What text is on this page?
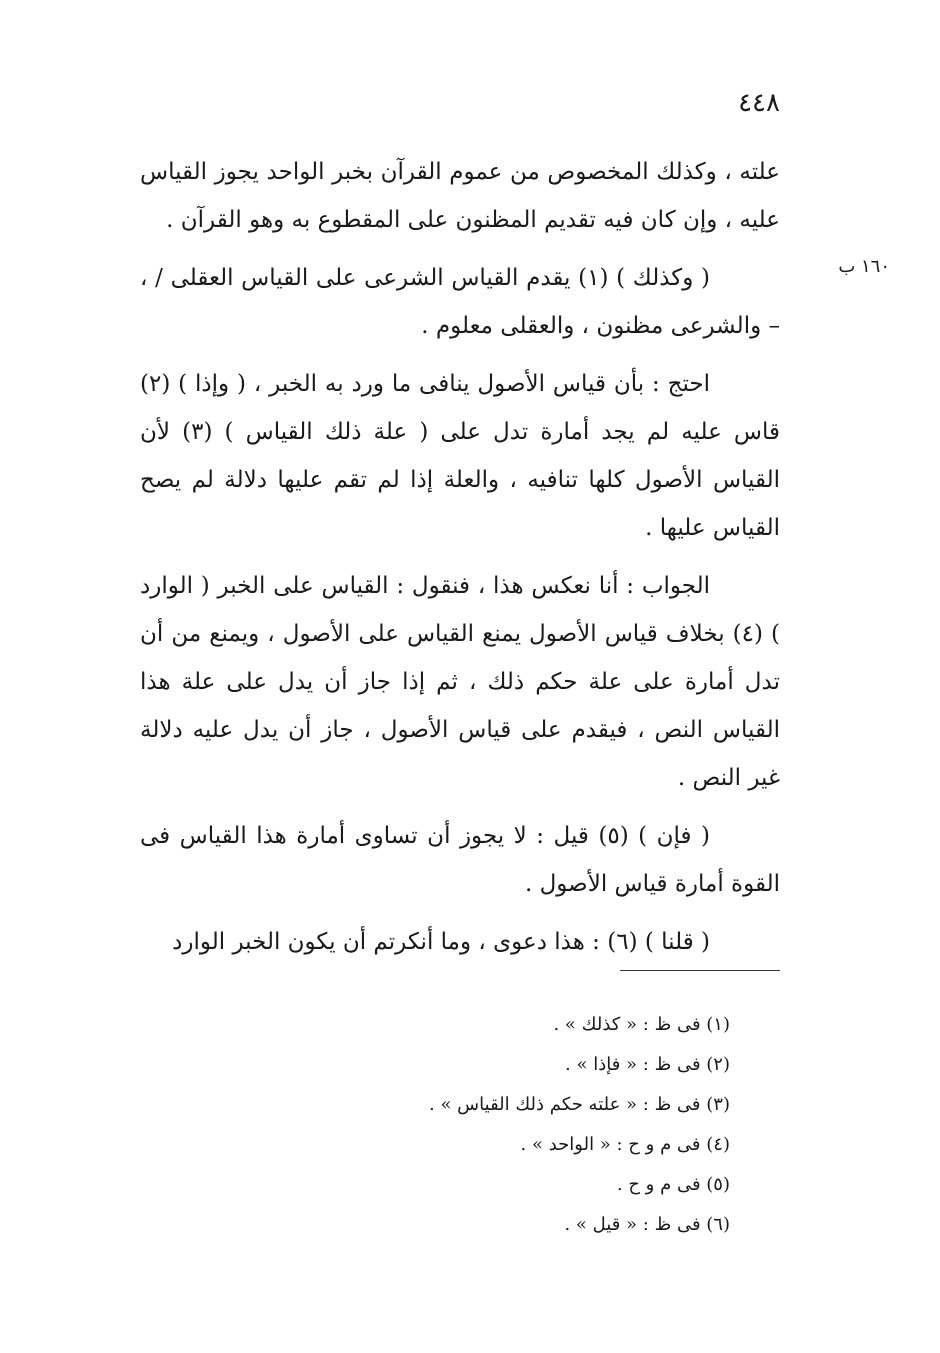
٤٤٨
١٦٠ ب

علته ، وكذلك المخصوص من عموم القرآن بخبر الواحد يجوز القياس عليه ، وإن كان فيه تقديم المظنون على المقطوع به وهو القرآن .

( وكذلك ) (١) يقدم القياس الشرعى على القياس العقلى / ، – والشرعى مظنون ، والعقلى معلوم .

احتج : بأن قياس الأصول ينافى ما ورد به الخبر ، ( وإذا ) (٢) قاس عليه لم يجد أمارة تدل على ( علة ذلك القياس ) (٣) لأن القياس الأصول كلها تنافيه ، والعلة إذا لم تقم عليها دلالة لم يصح القياس عليها .

الجواب : أنا نعكس هذا ، فنقول : القياس على الخبر ( الوارد ) (٤) بخلاف قياس الأصول يمنع القياس على الأصول ، ويمنع من أن تدل أمارة على علة حكم ذلك ، ثم إذا جاز أن يدل على علة هذا القياس النص ، فيقدم على قياس الأصول ، جاز أن يدل عليه دلالة غير النص .

( فإن ) (٥) قيل : لا يجوز أن تساوى أمارة هذا القياس فى القوة أمارة قياس الأصول .

( قلنا ) (٦) : هذا دعوى ، وما أنكرتم أن يكون الخبر الوارد

(١) فى ظ : « كذلك » .
(٢) فى ظ : « فإذا » .
(٣) فى ظ : « علته حكم ذلك القياس » .
(٤) فى م و ح : « الواحد » .
(٥) فى م و ح .
(٦) فى ظ : « قيل » .
